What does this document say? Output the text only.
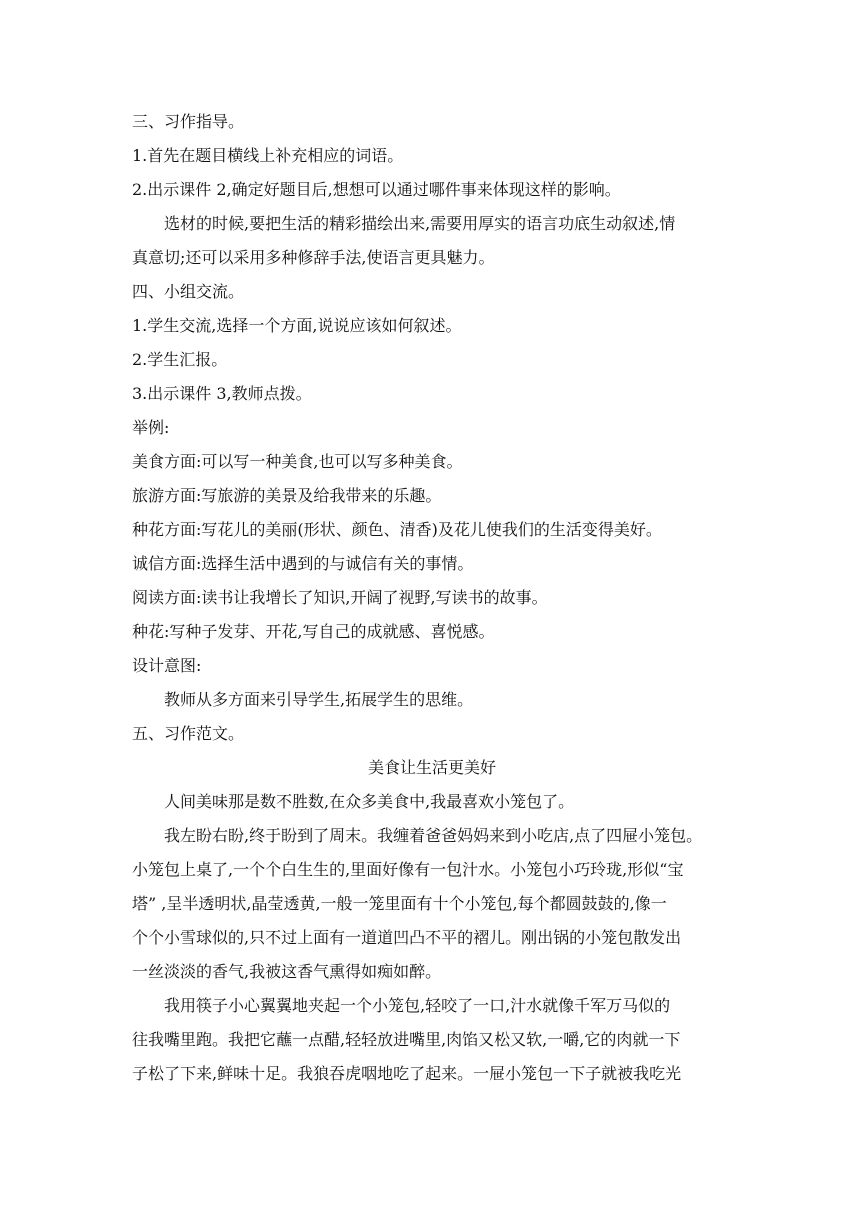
三、习作指导。
1.首先在题目横线上补充相应的词语。
2.出示课件 2,确定好题目后,想想可以通过哪件事来体现这样的影响。
选材的时候,要把生活的精彩描绘出来,需要用厚实的语言功底生动叙述,情
真意切;还可以采用多种修辞手法,使语言更具魅力。
四、小组交流。
1.学生交流,选择一个方面,说说应该如何叙述。
2.学生汇报。
3.出示课件 3,教师点拨。
举例:
美食方面:可以写一种美食,也可以写多种美食。
旅游方面:写旅游的美景及给我带来的乐趣。
种花方面:写花儿的美丽(形状、颜色、清香)及花儿使我们的生活变得美好。
诚信方面:选择生活中遇到的与诚信有关的事情。
阅读方面:读书让我增长了知识,开阔了视野,写读书的故事。
种花:写种子发芽、开花,写自己的成就感、喜悦感。
设计意图:
教师从多方面来引导学生,拓展学生的思维。
五、习作范文。
美食让生活更美好
人间美味那是数不胜数,在众多美食中,我最喜欢小笼包了。
我左盼右盼,终于盼到了周末。我缠着爸爸妈妈来到小吃店,点了四屉小笼包。
小笼包上桌了,一个个白生生的,里面好像有一包汁水。小笼包小巧玲珑,形似“宝
塔” ,呈半透明状,晶莹透黄,一般一笼里面有十个小笼包,每个都圆鼓鼓的,像一
个个小雪球似的,只不过上面有一道道凹凸不平的褶儿。刚出锅的小笼包散发出
一丝淡淡的香气,我被这香气熏得如痴如醉。
我用筷子小心翼翼地夹起一个小笼包,轻咬了一口,汁水就像千军万马似的
往我嘴里跑。我把它蘸一点醋,轻轻放进嘴里,肉馅又松又软,一嚼,它的肉就一下
子松了下来,鲜味十足。我狼吞虎咽地吃了起来。一屉小笼包一下子就被我吃光
